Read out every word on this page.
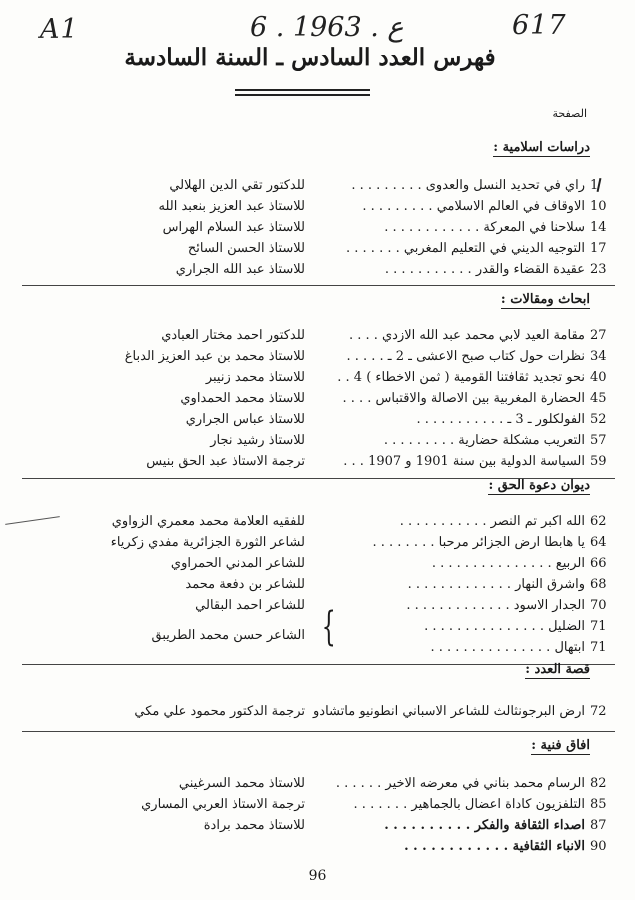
A1	6 . ع . 1963	617
فهرس العدد السادس ـ السنة السادسة
الصفحة
دراسات اسلامية :
1
راي في تحديد النسل والعدوى . . . . . . . . .
للدكتور تقي الدين الهلالي
10
الاوقاف في العالم الاسلامي . . . . . . . . .
للاستاذ عبد العزيز بنعبد الله
14
سلاحنا في المعركة . . . . . . . . . . . .
للاستاذ عبد السلام الهراس
17
التوجيه الديني في التعليم المغربي . . . . . . .
للاستاذ الحسن السائح
23
عقيدة القضاء والقدر . . . . . . . . . . .
للاستاذ عبد الله الجراري
ابحاث ومقالات :
27
مقامة العيد لابي محمد عبد الله الازدي . . . .
للدكتور احمد مختار العبادي
34
نظرات حول كتاب صبح الاعشى ـ 2 ـ . . . . .
للاستاذ محمد بن عبد العزيز الدباغ
40
نحو تجديد ثقافتنا القومية ( ثمن الاخطاء ) 4 . .
للاستاذ محمد زنيبر
45
الحضارة المغربية بين الاصالة والاقتباس . . . .
للاستاذ محمد الحمداوي
52
الفولكلور ـ 3 ـ . . . . . . . . . . .
للاستاذ عباس الجراري
57
التعريب مشكلة حضارية . . . . . . . . .
للاستاذ رشيد نجار
59
السياسة الدولية بين سنة 1901 و 1907 . . .
ترجمة الاستاذ عبد الحق بنيس
ديوان دعوة الحق :
62
الله اكبر تم النصر . . . . . . . . . . .
للفقيه العلامة محمد معمري الزواوي
64
يا هابطا ارض الجزائر مرحبا . . . . . . . .
لشاعر الثورة الجزائرية مفدي زكرياء
66
الربيع . . . . . . . . . . . . . . .
للشاعر المدني الحمراوي
68
واشرق النهار . . . . . . . . . . . . .
للشاعر بن دفعة محمد
70
الجدار الاسود . . . . . . . . . . . . .
للشاعر احمد البقالي
71
الضليل . . . . . . . . . . . . . . .
71
ابتهال . . . . . . . . . . . . . . .
الشاعر حسن محمد الطريبق {
قصة العدد :
72
ارض البرجونثالث للشاعر الاسباني انطونيو ماتشادو
ترجمة الدكتور محمود علي مكي
افاق فنية :
82
الرسام محمد بناني في معرضه الاخير . . . . . .
للاستاذ محمد السرغيني
85
التلفزيون كاداة اعضال بالجماهير . . . . . . .
ترجمة الاستاذ العربي المساري
87
اصداء الثقافة والفكر . . . . . . . . . .
للاستاذ محمد برادة
90
الانباء الثقافية . . . . . . . . . . . .
96
